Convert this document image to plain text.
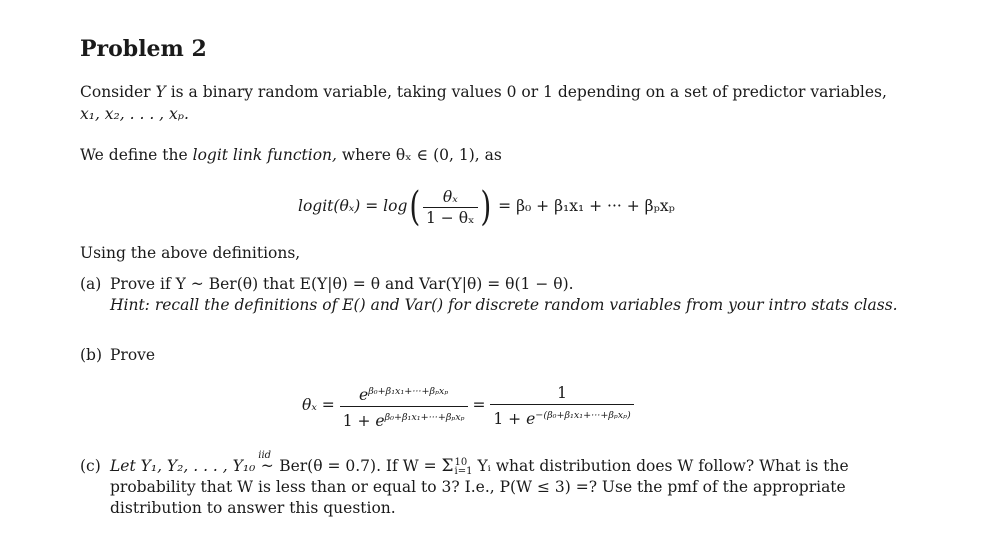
Problem 2
Consider Y is a binary random variable, taking values 0 or 1 depending on a set of predictor variables,
x₁, x₂, . . . , xₚ.
We define the logit link function, where θₓ ∈ (0, 1), as
logit(θₓ) = $\log( \frac{\text{θₓ}}{\text{1 − θₓ}}$ ) = β₀ + β₁x₁ + ··· + βₚxₚ
Using the above definitions,
(a) Prove if Y ~ Ber(θ) that E(Y|θ) = θ and Var(Y|θ) = θ(1 − θ).
Hint: recall the definitions of E() and Var() for discrete random variables from your intro stats class.
(b) Prove
$\theta_x = \frac{e^{\beta_0+\beta_1x_1+\cdot\cdot\cdot+\beta_px_p}}{1 + e^{\beta_0+\beta_1x_1+\cdot\cdot\cdot+\beta_px_p}} = \frac{1}{1 + e^{-(\beta_0+\beta_1x_1+\cdot\cdot\cdot+\beta_px_p)}}$
(c) Let Y₁, Y₂, . . . , Y₁₀
iid
~ Ber(θ = 0.7). If W = Σ 10
i=1 Yᵢ what distribution does W follow? What is the
probability that W is less than or equal to 3? I.e., P(W ≤ 3) =? Use the pmf of the appropriate
distribution to answer this question.
